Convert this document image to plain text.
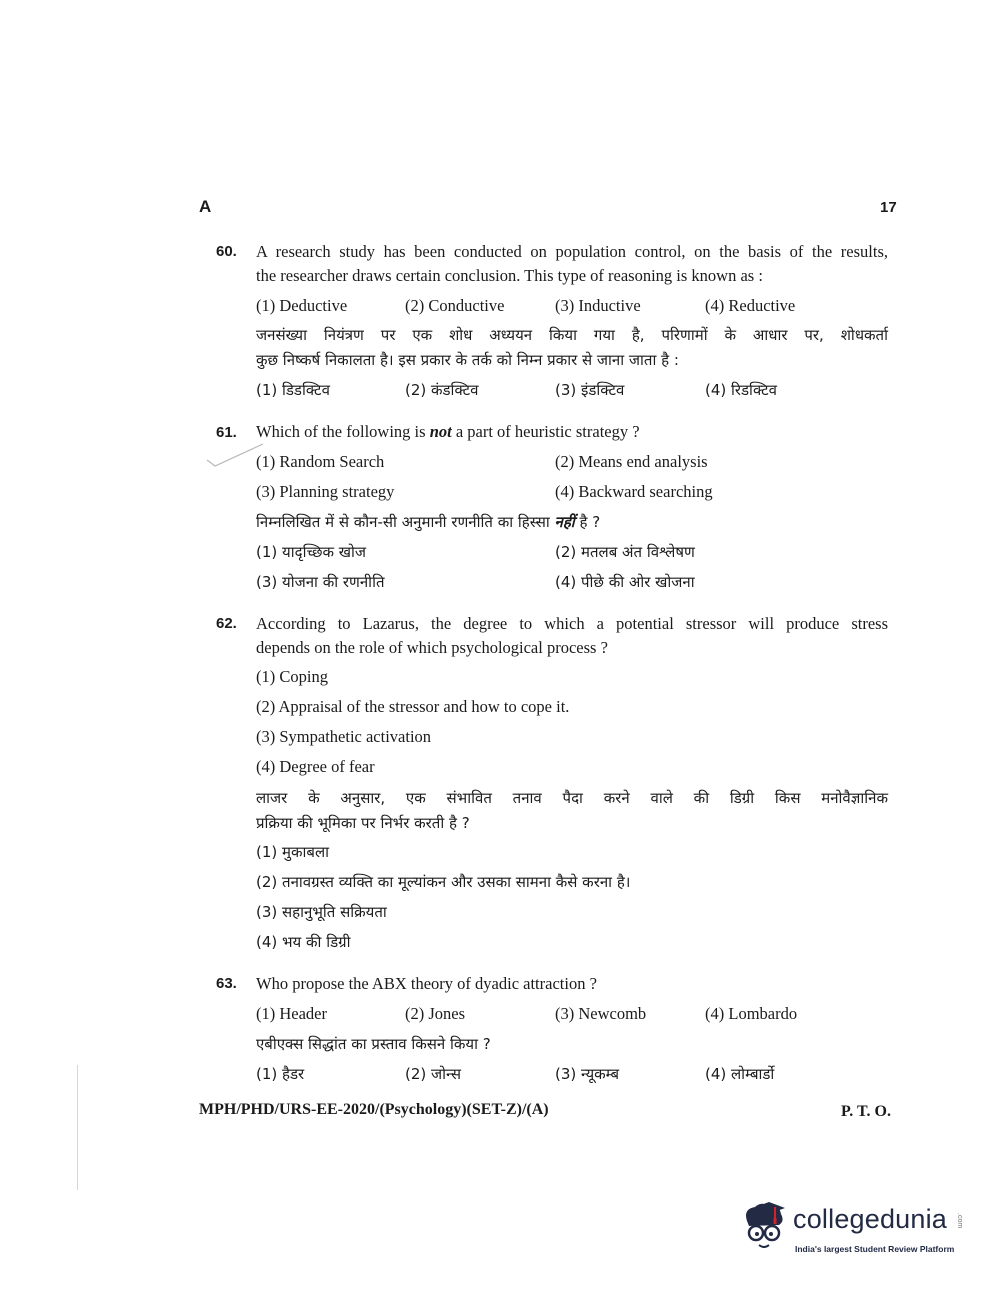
A	17
60. A research study has been conducted on population control, on the basis of the results,
the researcher draws certain conclusion. This type of reasoning is known as :
(1) Deductive	(2) Conductive	(3) Inductive	(4) Reductive
जनसंख्या नियंत्रण पर एक शोध अध्ययन किया गया है, परिणामों के आधार पर, शोधकर्ता
कुछ निष्कर्ष निकालता है। इस प्रकार के तर्क को निम्न प्रकार से जाना जाता है :
(1) डिडक्टिव	(2) कंडक्टिव	(3) इंडक्टिव	(4) रिडक्टिव
61. Which of the following is not a part of heuristic strategy ?
(1) Random Search	(2) Means end analysis
(3) Planning strategy	(4) Backward searching
निम्नलिखित में से कौन-सी अनुमानी रणनीति का हिस्सा नहीं है ?
(1) यादृच्छिक खोज	(2) मतलब अंत विश्लेषण
(3) योजना की रणनीति	(4) पीछे की ओर खोजना
62. According to Lazarus, the degree to which a potential stressor will produce stress
depends on the role of which psychological process ?
(1) Coping
(2) Appraisal of the stressor and how to cope it.
(3) Sympathetic activation
(4) Degree of fear
लाजर के अनुसार, एक संभावित तनाव पैदा करने वाले की डिग्री किस मनोवैज्ञानिक
प्रक्रिया की भूमिका पर निर्भर करती है ?
(1) मुकाबला
(2) तनावग्रस्त व्यक्ति का मूल्यांकन और उसका सामना कैसे करना है।
(3) सहानुभूति सक्रियता
(4) भय की डिग्री
63. Who propose the ABX theory of dyadic attraction ?
(1) Header	(2) Jones	(3) Newcomb	(4) Lombardo
एबीएक्स सिद्धांत का प्रस्ताव किसने किया ?
(1) हैडर	(2) जोन्स	(3) न्यूकम्ब	(4) लोम्बार्डो
MPH/PHD/URS-EE-2020/(Psychology)(SET-Z)/(A)	P. T. O.
collegedunia .com
India's largest Student Review Platform
